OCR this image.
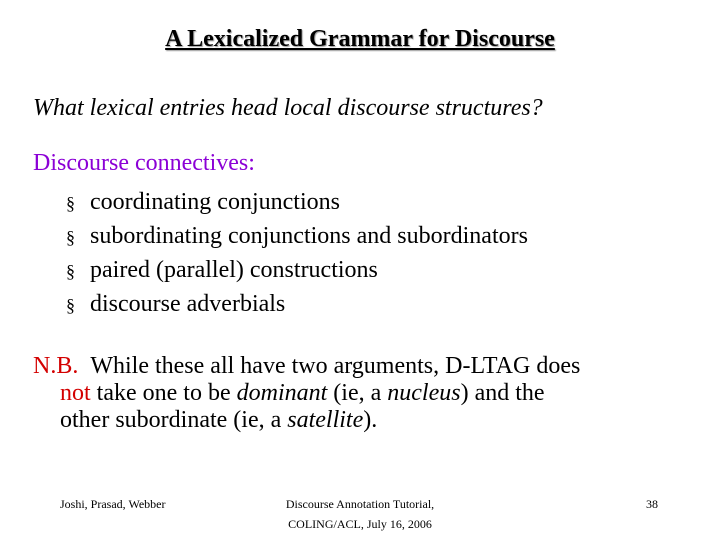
A Lexicalized Grammar for Discourse
What lexical entries head local discourse structures?
Discourse connectives:
§ coordinating conjunctions
§ subordinating conjunctions and subordinators
§ paired (parallel) constructions
§ discourse adverbials
N.B. While these all have two arguments, D-LTAG does
not take one to be dominant (ie, a nucleus) and the
other subordinate (ie, a satellite).
Joshi, Prasad, Webber	Discourse Annotation Tutorial,
COLING/ACL, July 16, 2006
38
